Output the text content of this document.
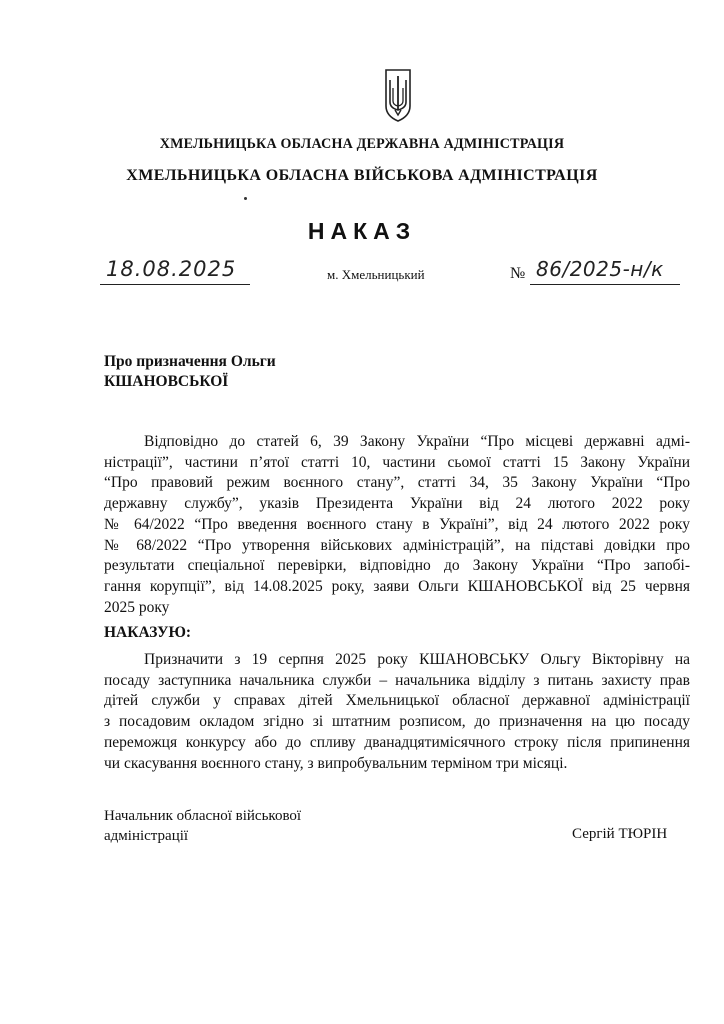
ХМЕЛЬНИЦЬКА ОБЛАСНА ДЕРЖАВНА АДМІНІСТРАЦІЯ
ХМЕЛЬНИЦЬКА ОБЛАСНА ВІЙСЬКОВА АДМІНІСТРАЦІЯ
НАКАЗ
18.08.2025	м. Хмельницький	№ 86/2025-н/к
Про призначення Ольги
КШАНОВСЬКОЇ
Відповідно до статей 6, 39 Закону України “Про місцеві державні адмі-
ністрації”, частини п’ятої статті 10, частини сьомої статті 15 Закону України
“Про правовий режим воєнного стану”, статті 34, 35 Закону України “Про
державну службу”, указів Президента України від 24 лютого 2022 року
№ 64/2022 “Про введення воєнного стану в Україні”, від 24 лютого 2022 року
№ 68/2022 “Про утворення військових адміністрацій”, на підставі довідки про
результати спеціальної перевірки, відповідно до Закону України “Про запобі-
гання корупції”, від 14.08.2025 року, заяви Ольги КШАНОВСЬКОЇ від 25 червня
2025 року
НАКАЗУЮ:
Призначити з 19 серпня 2025 року КШАНОВСЬКУ Ольгу Вікторівну на
посаду заступника начальника служби – начальника відділу з питань захисту прав
дітей служби у справах дітей Хмельницької обласної державної адміністрації
з посадовим окладом згідно зі штатним розписом, до призначення на цю посаду
переможця конкурсу або до спливу дванадцятимісячного строку після припинення
чи скасування воєнного стану, з випробувальним терміном три місяці.
Начальник обласної військової
адміністрації	Сергій ТЮРІН
